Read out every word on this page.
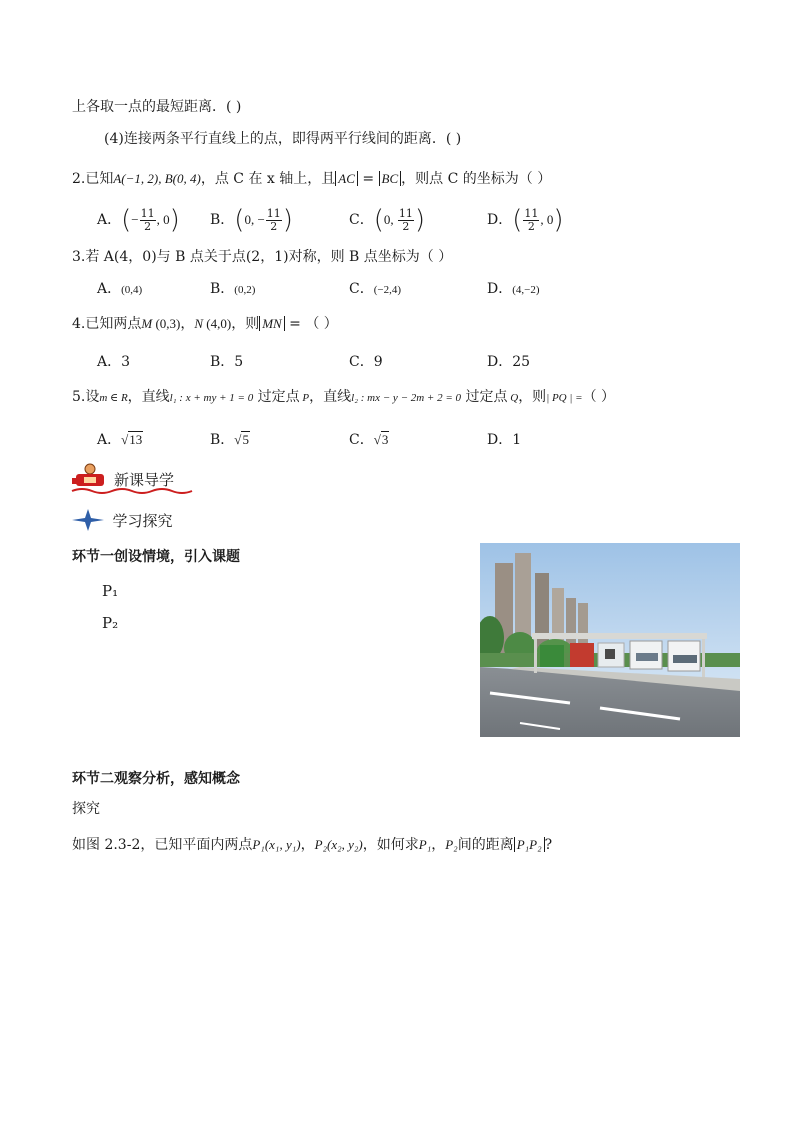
上各取一点的最短距离．( )
(4)连接两条平行直线上的点，即得两平行线间的距离．( )
2.已知A(−1, 2), B(0, 4)，点 C 在 x 轴上，且 AC = BC ，则点 C 的坐标为（ ）
A．(− $\frac{11}{2}$ , 0) B．(0, − $\frac{11}{2}$ )	C．(0, $\frac{11}{2}$ )	D．( $\frac{11}{2}$ , 0)
3.若 A(4，0)与 B 点关于点(2，1)对称，则 B 点坐标为（ ）
A．(0,4)	B．(0,2)	C．(−2,4)	D．(4,−2)
4.已知两点M (0,3)，N (4,0)，则 MN = （ ）
A．3	B．5	C．9	D．25
5.设m ∈ R，直线l₁ : x + my + 1 = 0 过定点 P，直线l₂ : mx − y − 2m + 2 = 0 过定点 Q，则| PQ | =（ ）
A．√13	B．√5	C．√3	D．1
新课导学
学习探究
环节一创设情境，引入课题

P₁

P₂

环节二观察分析，感知概念
探究
如图 2.3-2，已知平面内两点P₁(x₁, y₁)，P₂(x₂, y₂)，如何求P₁，P₂间的距离 P₁P₂ ?
